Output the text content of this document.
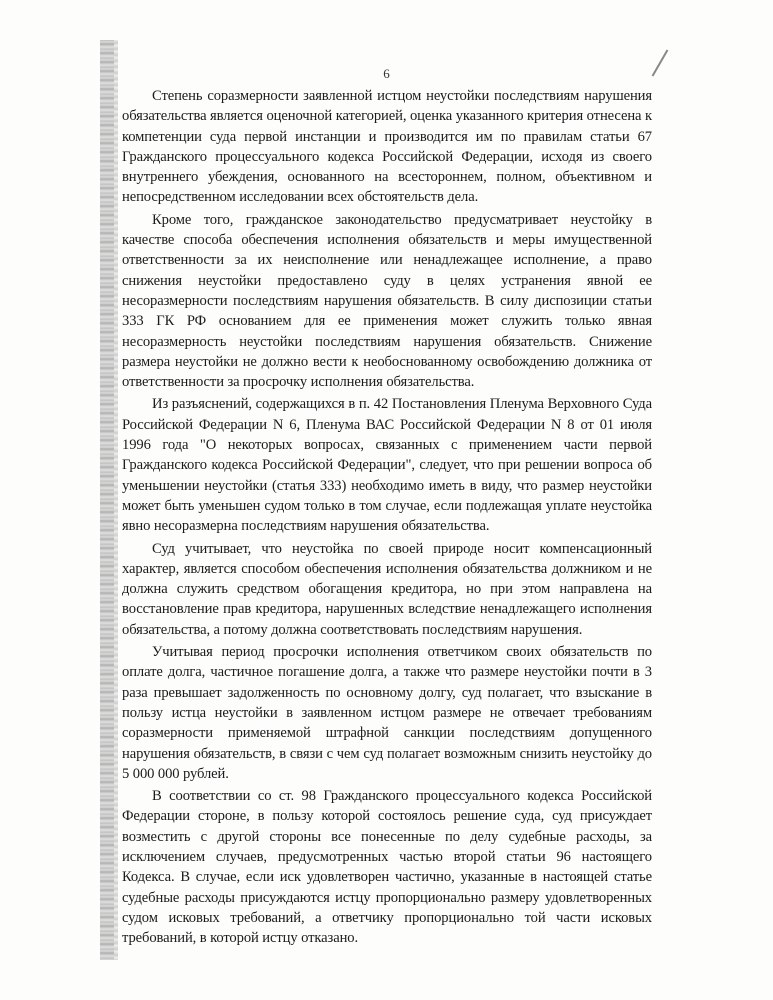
6

Степень соразмерности заявленной истцом неустойки последствиям нарушения обязательства является оценочной категорией, оценка указанного критерия отнесена к компетенции суда первой инстанции и производится им по правилам статьи 67 Гражданского процессуального кодекса Российской Федерации, исходя из своего внутреннего убеждения, основанного на всестороннем, полном, объективном и непосредственном исследовании всех обстоятельств дела.

Кроме того, гражданское законодательство предусматривает неустойку в качестве способа обеспечения исполнения обязательств и меры имущественной ответственности за их неисполнение или ненадлежащее исполнение, а право снижения неустойки предоставлено суду в целях устранения явной ее несоразмерности последствиям нарушения обязательств. В силу диспозиции статьи 333 ГК РФ основанием для ее применения может служить только явная несоразмерность неустойки последствиям нарушения обязательств. Снижение размера неустойки не должно вести к необоснованному освобождению должника от ответственности за просрочку исполнения обязательства.

Из разъяснений, содержащихся в п. 42 Постановления Пленума Верховного Суда Российской Федерации N 6, Пленума ВАС Российской Федерации N 8 от 01 июля 1996 года "О некоторых вопросах, связанных с применением части первой Гражданского кодекса Российской Федерации", следует, что при решении вопроса об уменьшении неустойки (статья 333) необходимо иметь в виду, что размер неустойки может быть уменьшен судом только в том случае, если подлежащая уплате неустойка явно несоразмерна последствиям нарушения обязательства.

Суд учитывает, что неустойка по своей природе носит компенсационный характер, является способом обеспечения исполнения обязательства должником и не должна служить средством обогащения кредитора, но при этом направлена на восстановление прав кредитора, нарушенных вследствие ненадлежащего исполнения обязательства, а потому должна соответствовать последствиям нарушения.

Учитывая период просрочки исполнения ответчиком своих обязательств по оплате долга, частичное погашение долга, а также что размере неустойки почти в 3 раза превышает задолженность по основному долгу, суд полагает, что взыскание в пользу истца неустойки в заявленном истцом размере не отвечает требованиям соразмерности применяемой штрафной санкции последствиям допущенного нарушения обязательств, в связи с чем суд полагает возможным снизить неустойку до 5 000 000 рублей.

В соответствии со ст. 98 Гражданского процессуального кодекса Российской Федерации стороне, в пользу которой состоялось решение суда, суд присуждает возместить с другой стороны все понесенные по делу судебные расходы, за исключением случаев, предусмотренных частью второй статьи 96 настоящего Кодекса. В случае, если иск удовлетворен частично, указанные в настоящей статье судебные расходы присуждаются истцу пропорционально размеру удовлетворенных судом исковых требований, а ответчику пропорционально той части исковых требований, в которой истцу отказано.
